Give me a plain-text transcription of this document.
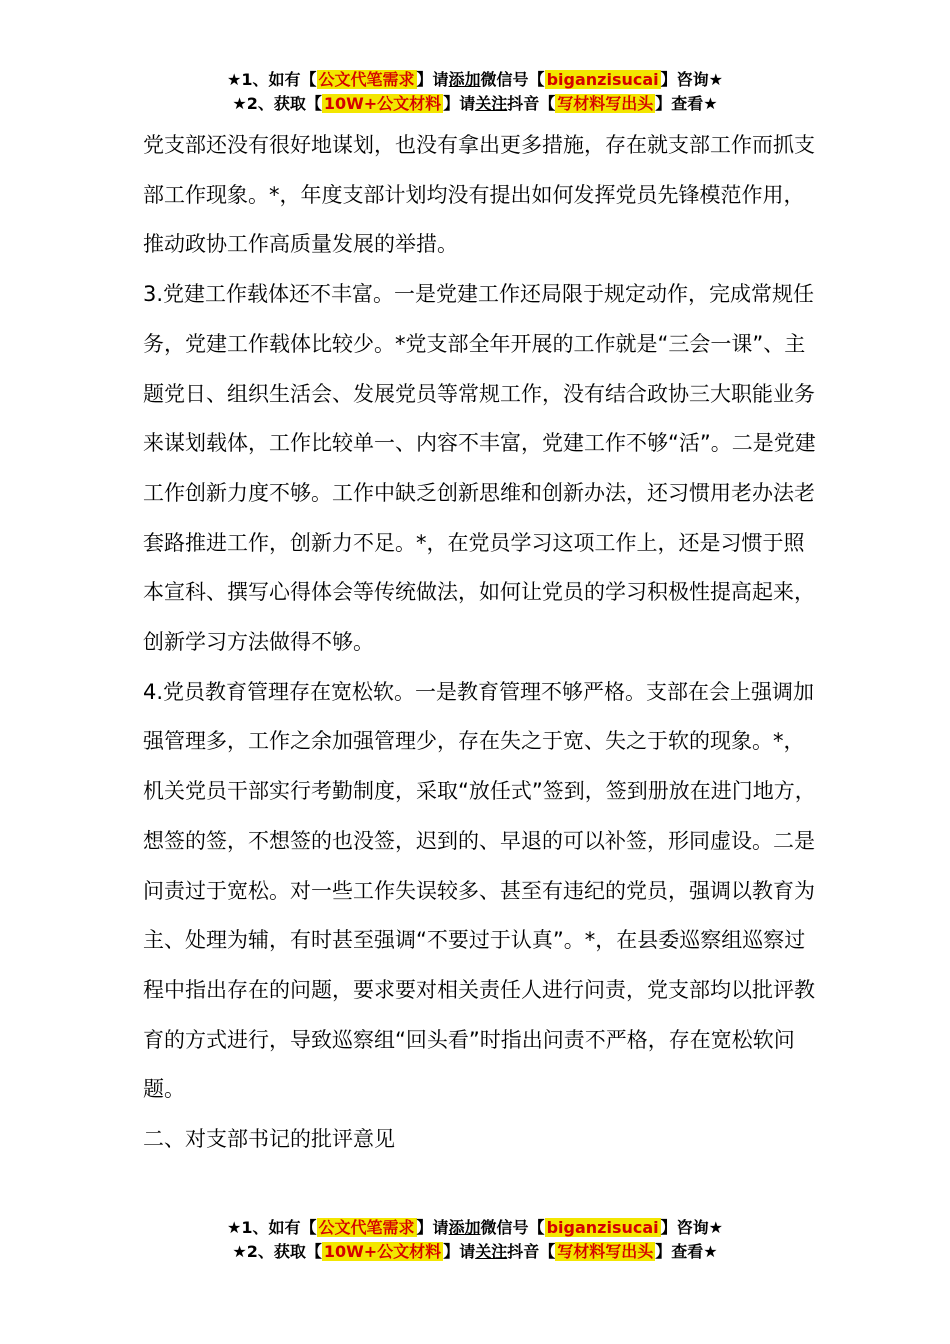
★1、如有【 公文代笔需求 】请添加微信号【 biganzisucai 】咨询★
★2、获取【 10W+公文材料 】请关注抖音【 写材料写出头 】查看★

党支部还没有很好地谋划，也没有拿出更多措施，存在就支部工作而抓支部工作现象。*，年度支部计划均没有提出如何发挥党员先锋模范作用，推动政协工作高质量发展的举措。

3.党建工作载体还不丰富。一是党建工作还局限于规定动作，完成常规任务，党建工作载体比较少。*党支部全年开展的工作就是“三会一课”、主题党日、组织生活会、发展党员等常规工作，没有结合政协三大职能业务来谋划载体，工作比较单一、内容不丰富，党建工作不够“活”。二是党建工作创新力度不够。工作中缺乏创新思维和创新办法，还习惯用老办法老套路推进工作，创新力不足。*，在党员学习这项工作上，还是习惯于照本宣科、撰写心得体会等传统做法，如何让党员的学习积极性提高起来，创新学习方法做得不够。

4.党员教育管理存在宽松软。一是教育管理不够严格。支部在会上强调加强管理多，工作之余加强管理少，存在失之于宽、失之于软的现象。*，机关党员干部实行考勤制度，采取“放任式”签到，签到册放在进门地方，想签的签，不想签的也没签，迟到的、早退的可以补签，形同虚设。二是问责过于宽松。对一些工作失误较多、甚至有违纪的党员，强调以教育为主、处理为辅，有时甚至强调“不要过于认真”。*，在县委巡察组巡察过程中指出存在的问题，要求要对相关责任人进行问责，党支部均以批评教育的方式进行，导致巡察组“回头看”时指出问责不严格，存在宽松软问题。

二、对支部书记的批评意见

★1、如有【 公文代笔需求 】请添加微信号【 biganzisucai 】咨询★
★2、获取【 10W+公文材料 】请关注抖音【 写材料写出头 】查看★
